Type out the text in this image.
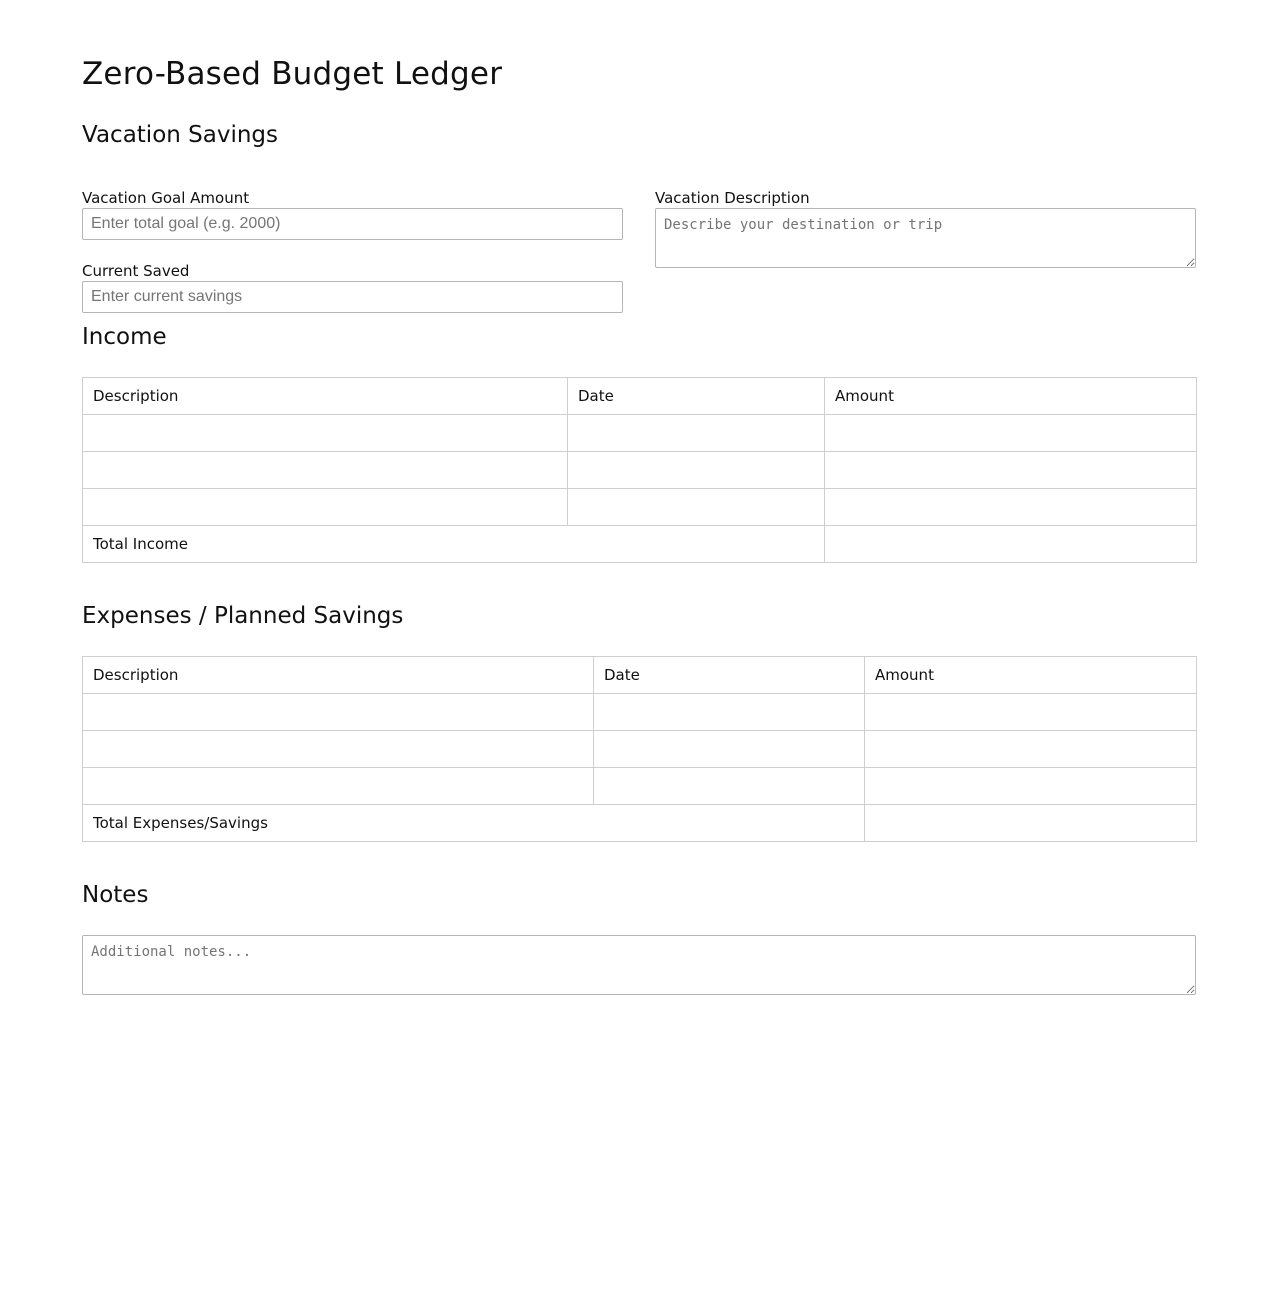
Zero-Based Budget Ledger
Vacation Savings
Vacation Goal Amount
Enter total goal (e.g. 2000)
Current Saved
Enter current savings
Vacation Description
Describe your destination or trip
Income
Description	Date	Amount

Total Income		
Expenses / Planned Savings
Description	Date	Amount

Total Expenses/Savings		
Notes
Additional notes...
